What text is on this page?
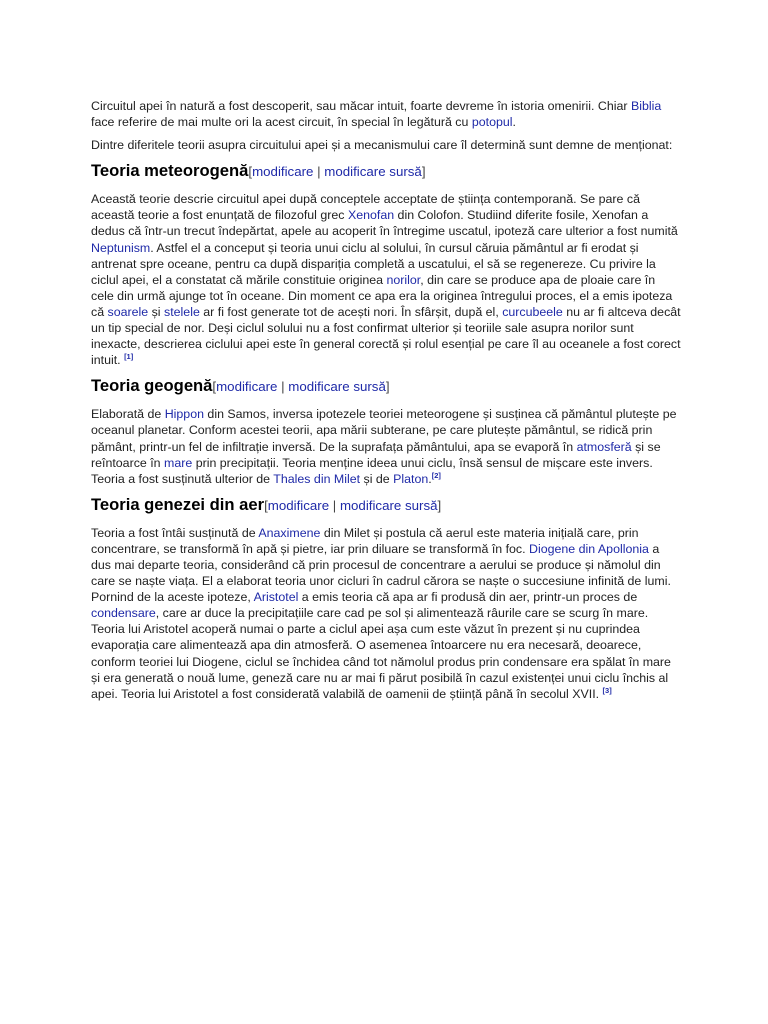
Circuitul apei în natură a fost descoperit, sau măcar intuit, foarte devreme în istoria omenirii. Chiar Biblia face referire de mai multe ori la acest circuit, în special în legătură cu potopul.

Dintre diferitele teorii asupra circuitului apei și a mecanismului care îl determină sunt demne de menționat:

Teoria meteorogenă[modificare | modificare sursă]

Această teorie descrie circuitul apei după conceptele acceptate de știința contemporană. Se pare că această teorie a fost enunțată de filozoful grec Xenofan din Colofon. Studiind diferite fosile, Xenofan a dedus că într-un trecut îndepărtat, apele au acoperit în întregime uscatul, ipoteză care ulterior a fost numită Neptunism. Astfel el a conceput și teoria unui ciclu al solului, în cursul căruia pământul ar fi erodat și antrenat spre oceane, pentru ca după dispariția completă a uscatului, el să se regenereze. Cu privire la ciclul apei, el a constatat că mările constituie originea norilor, din care se produce apa de ploaie care în cele din urmă ajunge tot în oceane. Din moment ce apa era la originea întregului proces, el a emis ipoteza că soarele și stelele ar fi fost generate tot de acești nori. În sfârșit, după el, curcubeele nu ar fi altceva decât un tip special de nor. Deși ciclul solului nu a fost confirmat ulterior și teoriile sale asupra norilor sunt inexacte, descrierea ciclului apei este în general corectă și rolul esențial pe care îl au oceanele a fost corect intuit. [1]

Teoria geogenă[modificare | modificare sursă]

Elaborată de Hippon din Samos, inversa ipotezele teoriei meteorogene și susținea că pământul plutește pe oceanul planetar. Conform acestei teorii, apa mării subterane, pe care plutește pământul, se ridică prin pământ, printr-un fel de infiltrație inversă. De la suprafața pământului, apa se evaporă în atmosferă și se reîntoarce în mare prin precipitații. Teoria menține ideea unui ciclu, însă sensul de mișcare este invers. Teoria a fost susținută ulterior de Thales din Milet și de Platon.[2]

Teoria genezei din aer[modificare | modificare sursă]

Teoria a fost întâi susținută de Anaximene din Milet și postula că aerul este materia inițială care, prin concentrare, se transformă în apă și pietre, iar prin diluare se transformă în foc. Diogene din Apollonia a dus mai departe teoria, considerând că prin procesul de concentrare a aerului se produce și nămolul din care se naște viața. El a elaborat teoria unor cicluri în cadrul cărora se naște o succesiune infinită de lumi. Pornind de la aceste ipoteze, Aristotel a emis teoria că apa ar fi produsă din aer, printr-un proces de condensare, care ar duce la precipitațiile care cad pe sol și alimentează râurile care se scurg în mare. Teoria lui Aristotel acoperă numai o parte a ciclul apei așa cum este văzut în prezent și nu cuprindea evaporația care alimentează apa din atmosferă. O asemenea întoarcere nu era necesară, deoarece, conform teoriei lui Diogene, ciclul se închidea când tot nămolul produs prin condensare era spălat în mare și era generată o nouă lume, geneză care nu ar mai fi părut posibilă în cazul existenței unui ciclu închis al apei. Teoria lui Aristotel a fost considerată valabilă de oamenii de știință până în secolul XVII. [3]
